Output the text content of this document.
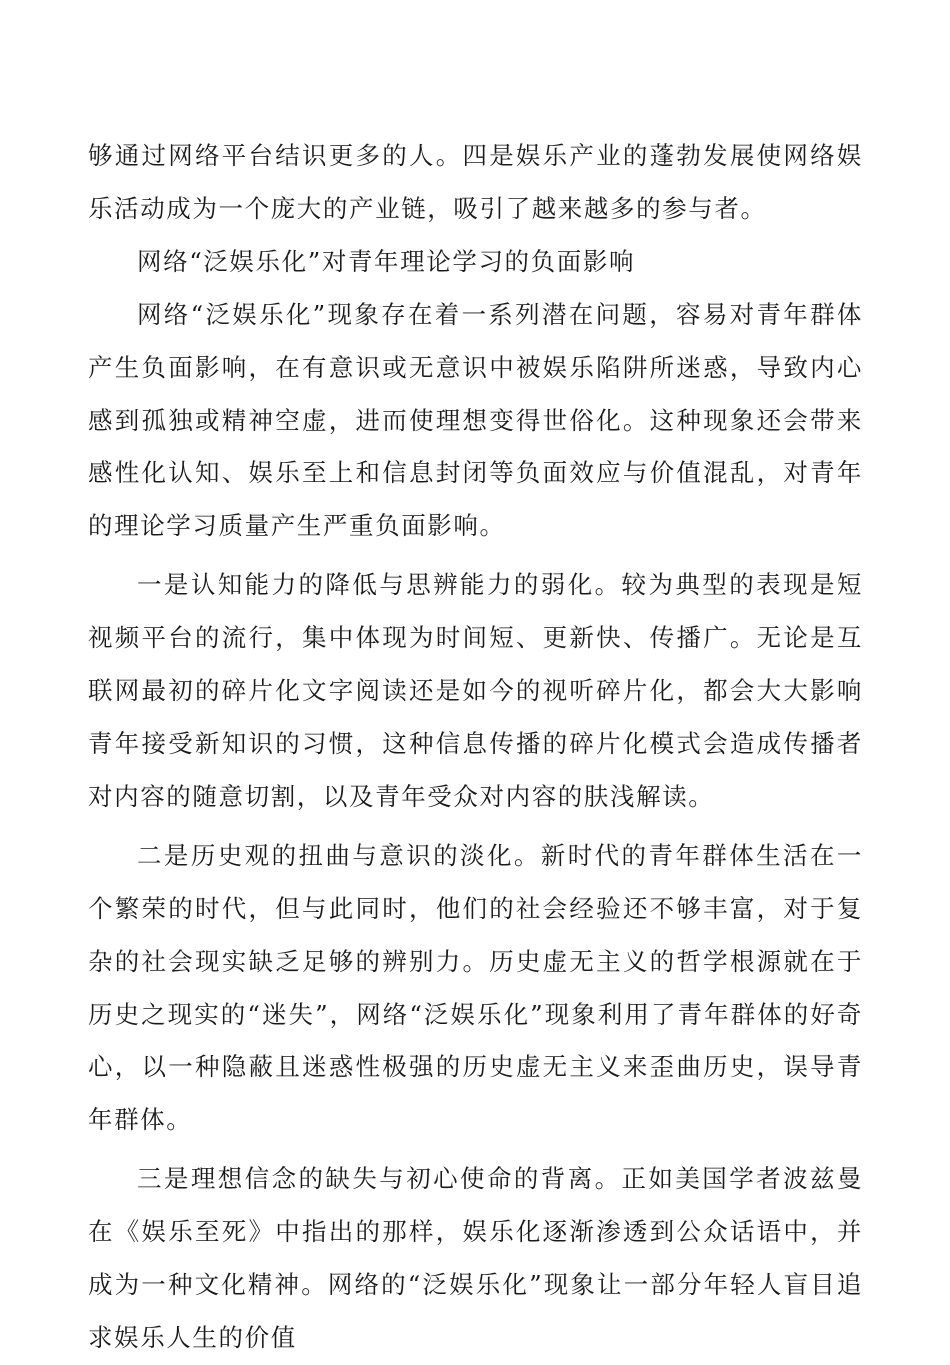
够通过网络平台结识更多的人。四是娱乐产业的蓬勃发展使网络娱乐活动成为一个庞大的产业链，吸引了越来越多的参与者。

网络“泛娱乐化”对青年理论学习的负面影响

网络“泛娱乐化”现象存在着一系列潜在问题，容易对青年群体产生负面影响，在有意识或无意识中被娱乐陷阱所迷惑，导致内心感到孤独或精神空虚，进而使理想变得世俗化。这种现象还会带来感性化认知、娱乐至上和信息封闭等负面效应与价值混乱，对青年的理论学习质量产生严重负面影响。

一是认知能力的降低与思辨能力的弱化。较为典型的表现是短视频平台的流行，集中体现为时间短、更新快、传播广。无论是互联网最初的碎片化文字阅读还是如今的视听碎片化，都会大大影响青年接受新知识的习惯，这种信息传播的碎片化模式会造成传播者对内容的随意切割，以及青年受众对内容的肤浅解读。

二是历史观的扭曲与意识的淡化。新时代的青年群体生活在一个繁荣的时代，但与此同时，他们的社会经验还不够丰富，对于复杂的社会现实缺乏足够的辨别力。历史虚无主义的哲学根源就在于历史之现实的“迷失”，网络“泛娱乐化”现象利用了青年群体的好奇心，以一种隐蔽且迷惑性极强的历史虚无主义来歪曲历史，误导青年群体。

三是理想信念的缺失与初心使命的背离。正如美国学者波兹曼在《娱乐至死》中指出的那样，娱乐化逐渐渗透到公众话语中，并成为一种文化精神。网络的“泛娱乐化”现象让一部分年轻人盲目追求娱乐人生的价值
